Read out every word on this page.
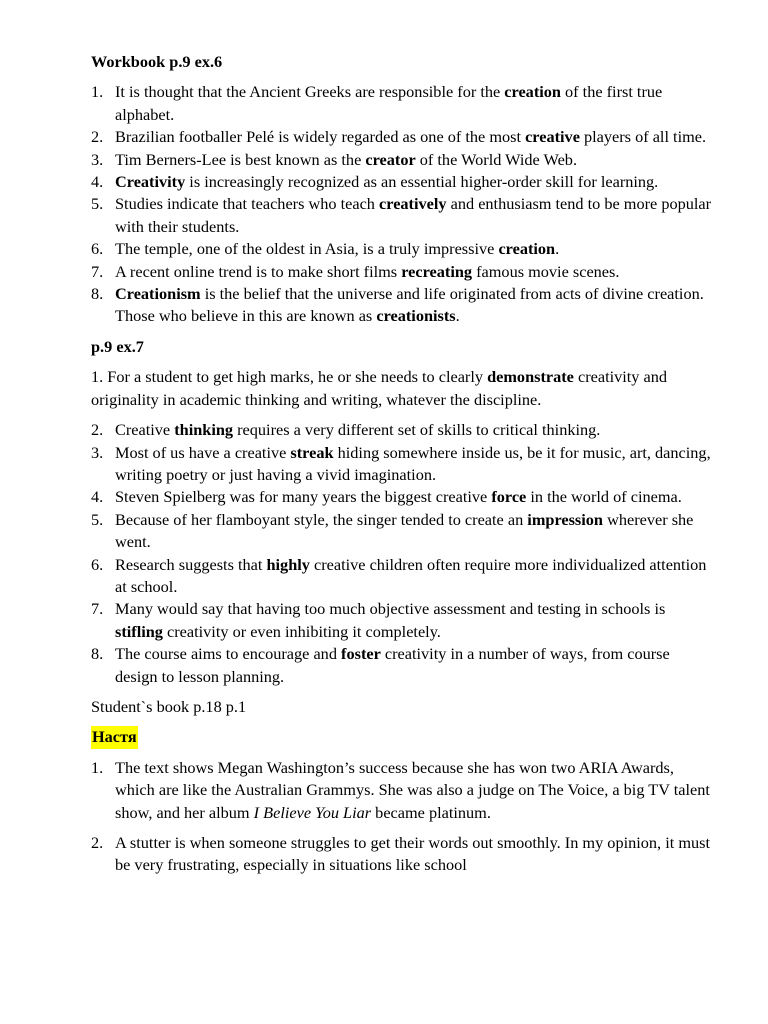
Workbook p.9 ex.6

1. It is thought that the Ancient Greeks are responsible for the creation of the first true alphabet.
2. Brazilian footballer Pelé is widely regarded as one of the most creative players of all time.
3. Tim Berners-Lee is best known as the creator of the World Wide Web.
4. Creativity is increasingly recognized as an essential higher-order skill for learning.
5. Studies indicate that teachers who teach creatively and enthusiasm tend to be more popular with their students.
6. The temple, one of the oldest in Asia, is a truly impressive creation.
7. A recent online trend is to make short films recreating famous movie scenes.
8. Creationism is the belief that the universe and life originated from acts of divine creation. Those who believe in this are known as creationists.

p.9 ex.7

1. For a student to get high marks, he or she needs to clearly demonstrate creativity and originality in academic thinking and writing, whatever the discipline.

2. Creative thinking requires a very different set of skills to critical thinking.
3. Most of us have a creative streak hiding somewhere inside us, be it for music, art, dancing, writing poetry or just having a vivid imagination.
4. Steven Spielberg was for many years the biggest creative force in the world of cinema.
5. Because of her flamboyant style, the singer tended to create an impression wherever she went.
6. Research suggests that highly creative children often require more individualized attention at school.
7. Many would say that having too much objective assessment and testing in schools is stifling creativity or even inhibiting it completely.
8. The course aims to encourage and foster creativity in a number of ways, from course design to lesson planning.

Student`s book p.18 p.1

Настя

1. The text shows Megan Washington’s success because she has won two ARIA Awards, which are like the Australian Grammys. She was also a judge on The Voice, a big TV talent show, and her album I Believe You Liar became platinum.
2. A stutter is when someone struggles to get their words out smoothly. In my opinion, it must be very frustrating, especially in situations like school
